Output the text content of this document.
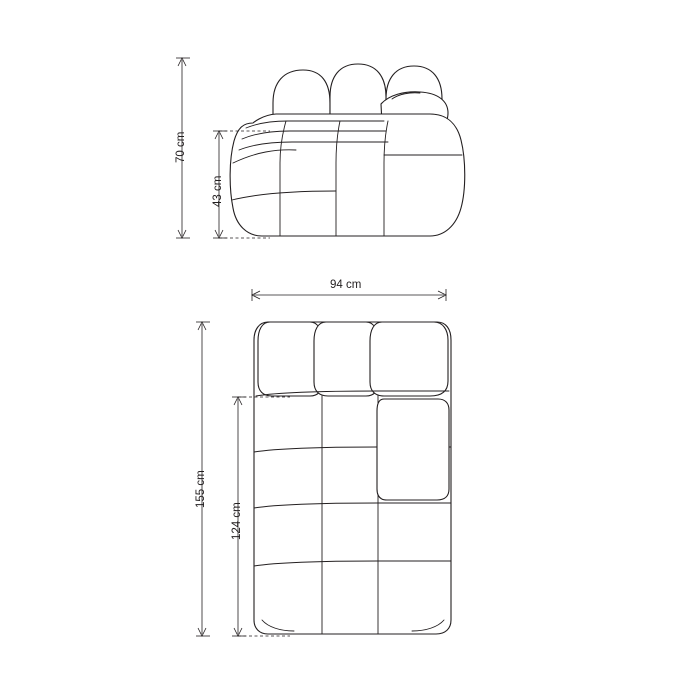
70 cm
43 cm
94 cm
155 cm
124 cm
